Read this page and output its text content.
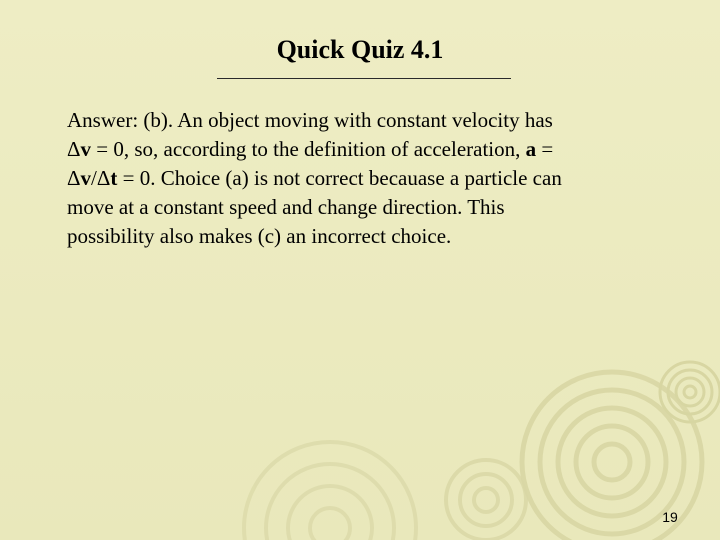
Quick Quiz 4.1
Answer: (b). An object moving with constant velocity has
Δv = 0, so, according to the definition of acceleration, a =
Δv/Δt = 0. Choice (a) is not correct becauase a particle can
move at a constant speed and change direction. This
possibility also makes (c) an incorrect choice.
19
